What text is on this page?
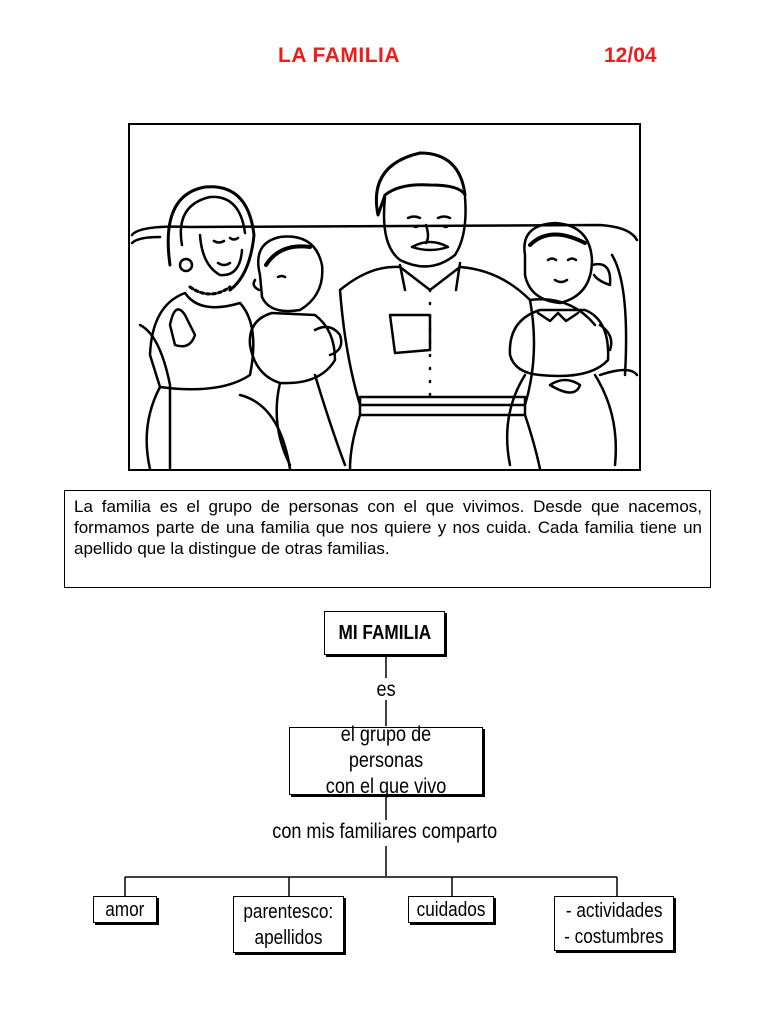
LA FAMILIA	12/04
La familia es el grupo de personas con el que vivimos. Desde que nacemos, formamos parte de una familia que nos quiere y nos cuida. Cada familia tiene un apellido que la distingue de otras familias.
MI FAMILIA
es
el grupo de personas
con el que vivo
con mis familiares comparto
amor	parentesco:
apellidos
cuidados	- actividades
- costumbres
